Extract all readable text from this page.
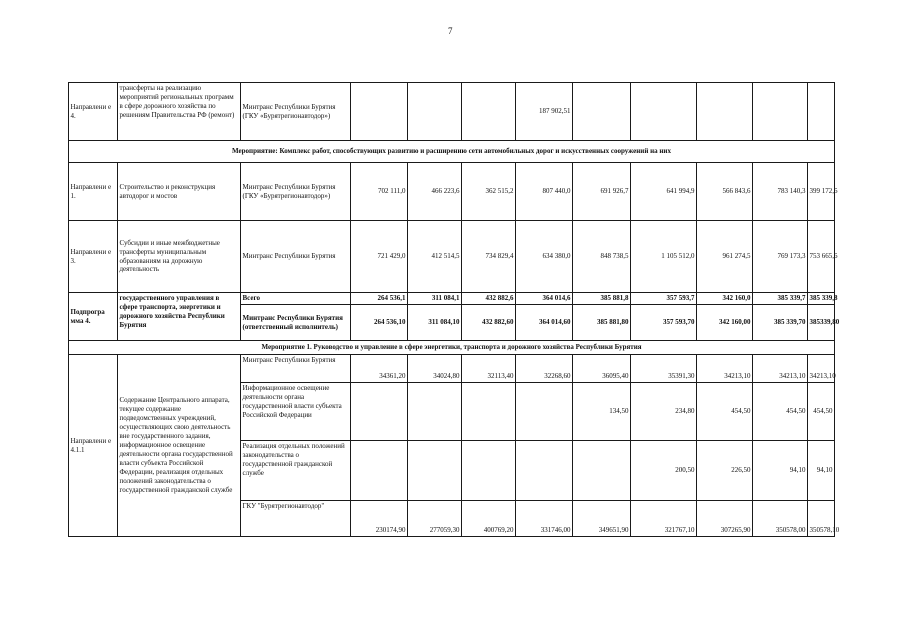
7
Направлени е 4.	трансферты на реализацию мероприятий региональных программ в сфере дорожного хозяйства по решениям Правительства РФ (ремонт)	Минтранс Республики Бурятия (ГКУ «Бурятрегионавтодор»)				187 902,51					
Мероприятие: Комплекс работ, способствующих развитию и расширению сети автомобильных дорог и искусственных сооружений на них											
Направлени е 1.	Строительство и реконструкция автодорог и мостов	Минтранс Республики Бурятия (ГКУ «Бурятрегионавтодор»)	702 111,0	466 223,6	362 515,2	807 440,0	691 926,7	641 994,9	566 843,6	783 140,3	399 172,6
Направлени е 3.	Субсидии и иные межбюджетные трансферты муниципальным образованиям на дорожную деятельность	Минтранс Республики Бурятия	721 429,0	412 514,5	734 829,4	634 380,0	848 738,5	1 105 512,0	961 274,5	769 173,3	753 665,6
Подпрогра мма 4.	государственного управления в сфере транспорта, энергетики и дорожного хозяйства Республики Бурятия	Всего	264 536,1	311 084,1	432 882,6	364 014,6	385 881,8	357 593,7	342 160,0	385 339,7	385 339,8
		Минтранс Республики Бурятия (ответственный исполнитель)	264 536,10	311 084,10	432 882,60	364 014,60	385 881,80	357 593,70	342 160,00	385 339,70	385339,80
Мероприятие 1. Руководство и управление в сфере энергетики, транспорта и дорожного хозяйства Республики Бурятия											
Направлени е 4.1.1	Содержание Центрального аппарата, текущее содержание подведомственных учреждений, осуществляющих свою деятельность вне государственного задания, информационное освещение деятельности органа государственной власти субъекта Российской Федерации, реализация отдельных положений законодательства о государственной гражданской службе	Минтранс Республики Бурятия	34361,20	34024,80	32113,40	32268,60	36095,40	35391,30	34213,10	34213,10	34213,10
		Информационное освещение деятельности органа государственной власти субъекта Российской Федерации					134,50	234,80	454,50	454,50	454,50
		Реализация отдельных положений законодательства о государственной гражданской службе						200,50	226,50	94,10	94,10
		ГКУ "Бурятрегионавтодор"	230174,90	277059,30	400769,20	331746,00	349651,90	321767,10	307265,90	350578,00	350578,10
